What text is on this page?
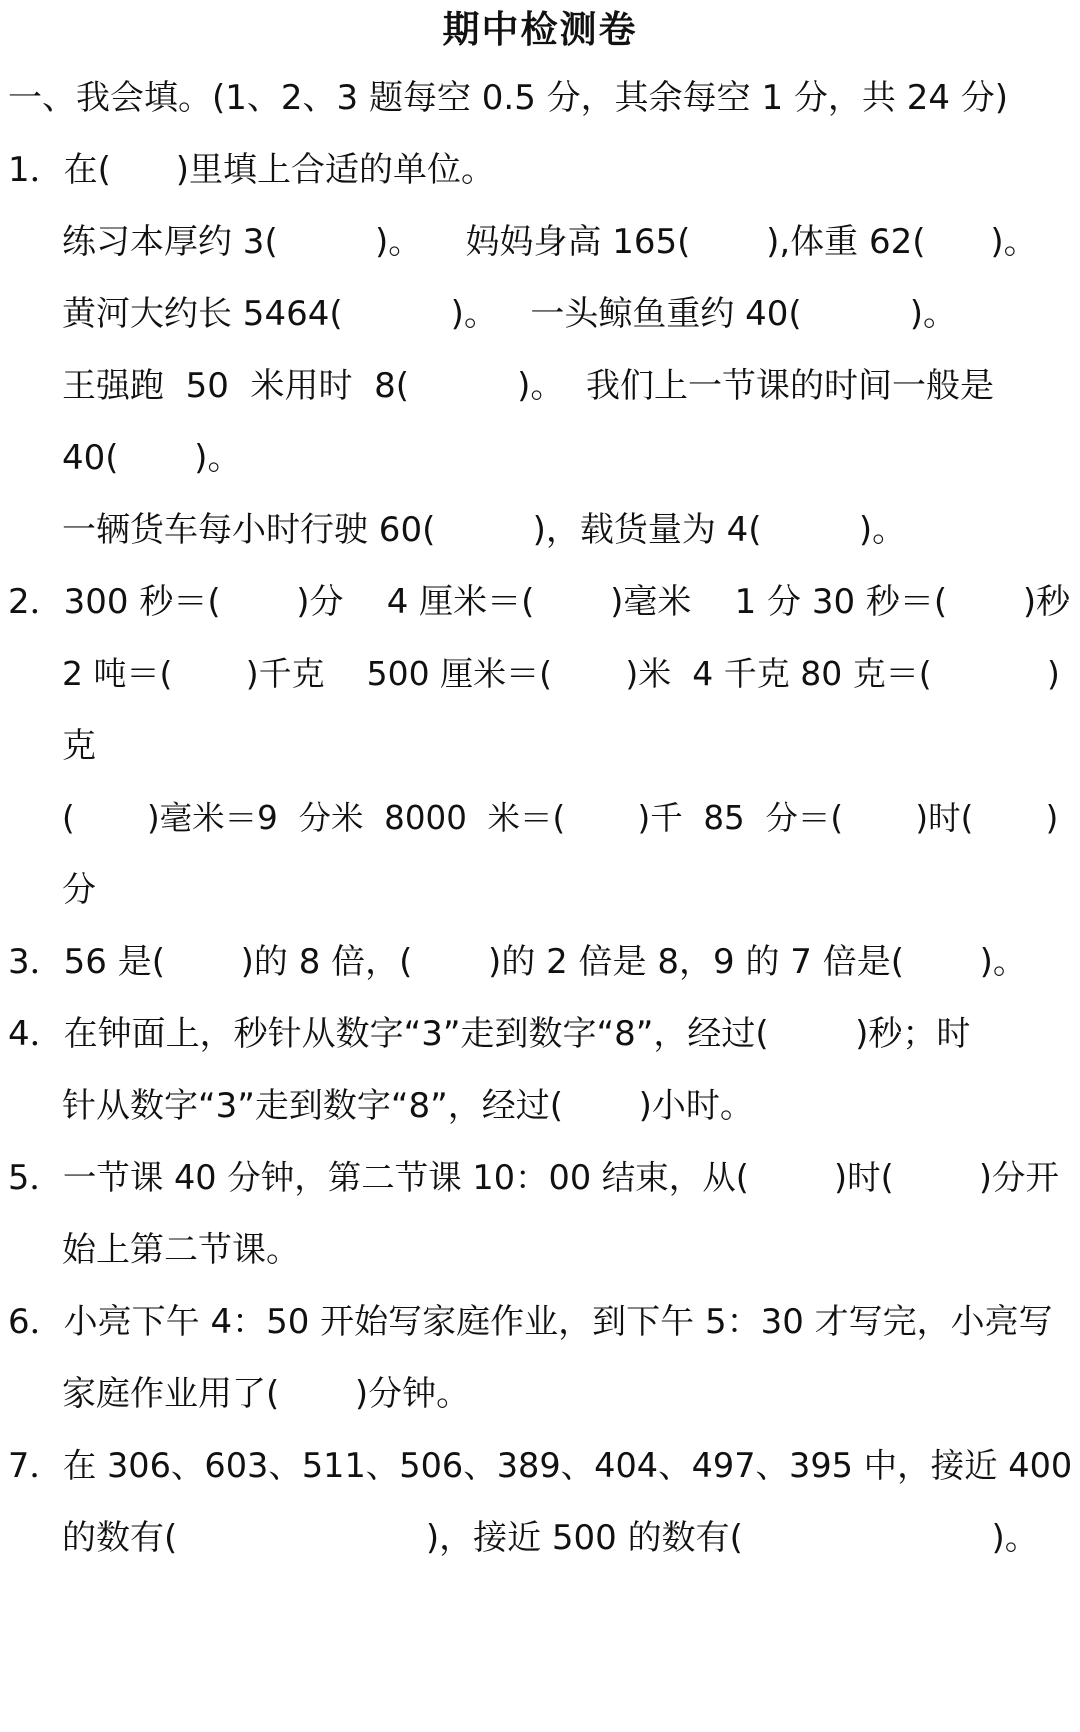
期中检测卷
一、我会填。(1、2、3 题每空 0.5 分，其余每空 1 分，共 24 分)
1．在(      )里填上合适的单位。
练习本厚约 3(         )。    妈妈身高 165(       ),体重 62(      )。
黄河大约长 5464(          )。   一头鲸鱼重约 40(          )。
王强跑  50  米用时  8(          )。  我们上一节课的时间一般是
40(       )。
一辆货车每小时行驶 60(         )，载货量为 4(         )。
2．300 秒＝(       )分    4 厘米＝(       )毫米    1 分 30 秒＝(       )秒
2 吨＝(       )千克    500 厘米＝(       )米  4 千克 80 克＝(           )
克
(       )毫米＝9  分米  8000  米＝(       )千  85  分＝(       )时(       )
分
3．56 是(       )的 8 倍，(       )的 2 倍是 8，9 的 7 倍是(       )。
4．在钟面上，秒针从数字“3”走到数字“8”，经过(        )秒；时
针从数字“3”走到数字“8”，经过(       )小时。
5．一节课 40 分钟，第二节课 10：00 结束，从(        )时(        )分开
始上第二节课。
6．小亮下午 4：50 开始写家庭作业，到下午 5：30 才写完，小亮写
家庭作业用了(       )分钟。
7．在 306、603、511、506、389、404、497、395 中，接近 400
的数有(                       )，接近 500 的数有(                       )。
